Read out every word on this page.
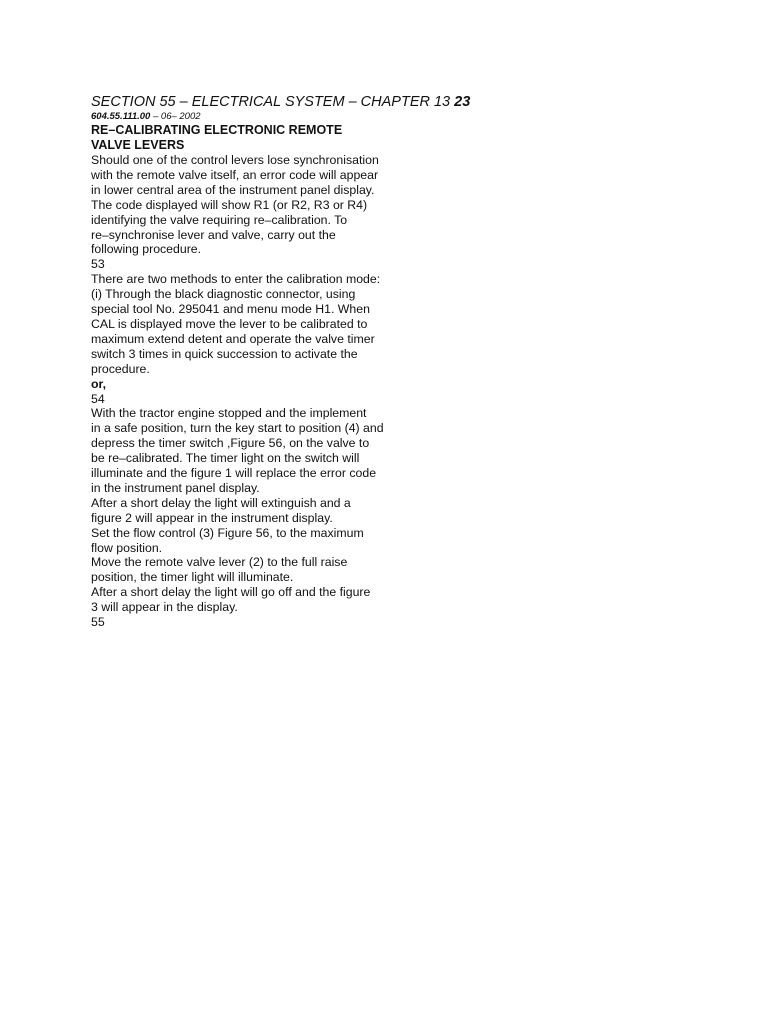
SECTION 55 – ELECTRICAL SYSTEM – CHAPTER 13 23
604.55.111.00 – 06– 2002
RE–CALIBRATING ELECTRONIC REMOTE
VALVE LEVERS
Should one of the control levers lose synchronisation
with the remote valve itself, an error code will appear
in lower central area of the instrument panel display.
The code displayed will show R1 (or R2, R3 or R4)
identifying the valve requiring re–calibration. To
re–synchronise lever and valve, carry out the
following procedure.
53
There are two methods to enter the calibration mode:
(i) Through the black diagnostic connector, using
special tool No. 295041 and menu mode H1. When
CAL is displayed move the lever to be calibrated to
maximum extend detent and operate the valve timer
switch 3 times in quick succession to activate the
procedure.
or,
54
With the tractor engine stopped and the implement
in a safe position, turn the key start to position (4) and
depress the timer switch ,Figure 56, on the valve to
be re–calibrated. The timer light on the switch will
illuminate and the figure 1 will replace the error code
in the instrument panel display.
After a short delay the light will extinguish and a
figure 2 will appear in the instrument display.
Set the flow control (3) Figure 56, to the maximum
flow position.
Move the remote valve lever (2) to the full raise
position, the timer light will illuminate.
After a short delay the light will go off and the figure
3 will appear in the display.
55
